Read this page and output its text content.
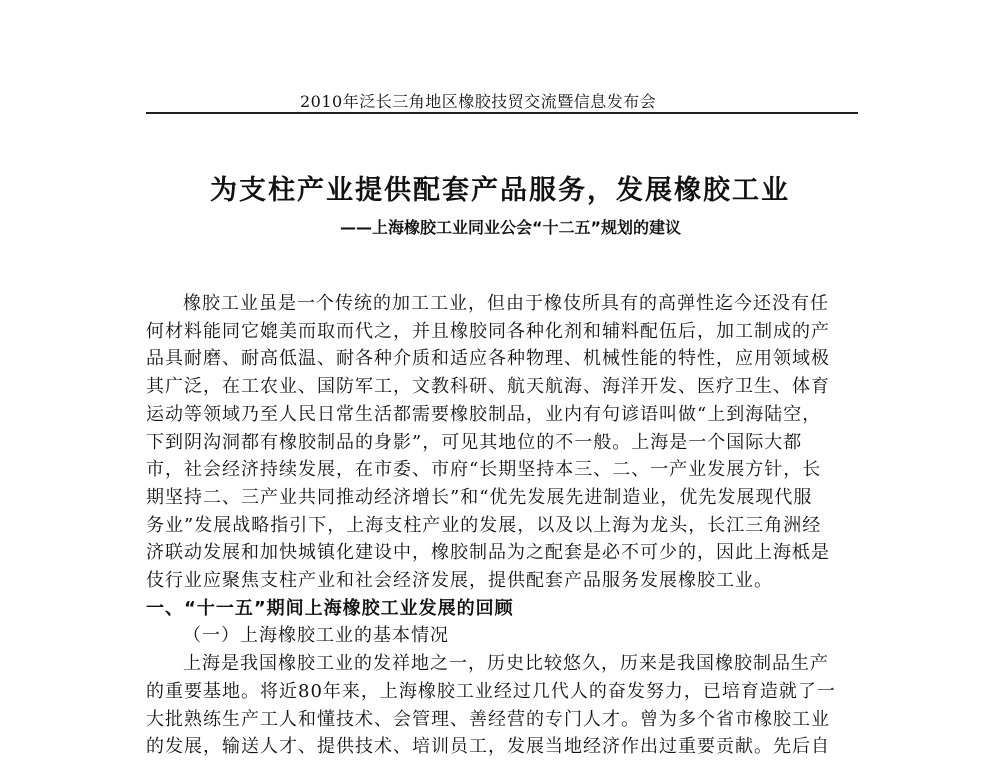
2010年泛长三角地区橡胶技贸交流暨信息发布会
为支柱产业提供配套产品服务，发展橡胶工业
——上海橡胶工业同业公会“十二五”规划的建议
橡胶工业虽是一个传统的加工工业，但由于橡伎所具有的高弹性迄今还没有任
何材料能同它媲美而取而代之，并且橡胶同各种化剂和辅料配伍后，加工制成的产
品具耐磨、耐高低温、耐各种介质和适应各种物理、机械性能的特性，应用领域极
其广泛，在工农业、国防军工，文教科研、航天航海、海洋开发、医疗卫生、体育
运动等领域乃至人民日常生活都需要橡胶制品，业内有句谚语叫做“上到海陆空，
下到阴沟洞都有橡胶制品的身影”，可见其地位的不一般。上海是一个国际大都
市，社会经济持续发展，在市委、市府“长期坚持本三、二、一产业发展方针，长
期坚持二、三产业共同推动经济增长”和“优先发展先进制造业，优先发展现代服
务业”发展战略指引下，上海支柱产业的发展，以及以上海为龙头，长江三角洲经
济联动发展和加快城镇化建设中，橡胶制品为之配套是必不可少的，因此上海柢是
伎行业应聚焦支柱产业和社会经济发展，提供配套产品服务发展橡胶工业。

一、“十一五”期间上海橡胶工业发展的回顾

（一）上海橡胶工业的基本情况

上海是我国橡胶工业的发祥地之一，历史比较悠久，历来是我国橡胶制品生产
的重要基地。将近80年来，上海橡胶工业经过几代人的奋发努力，已培育造就了一
大批熟练生产工人和懂技术、会管理、善经营的专门人才。曾为多个省市橡胶工业
的发展，输送人才、提供技术、培训员工，发展当地经济作出过重要贡献。先后自
